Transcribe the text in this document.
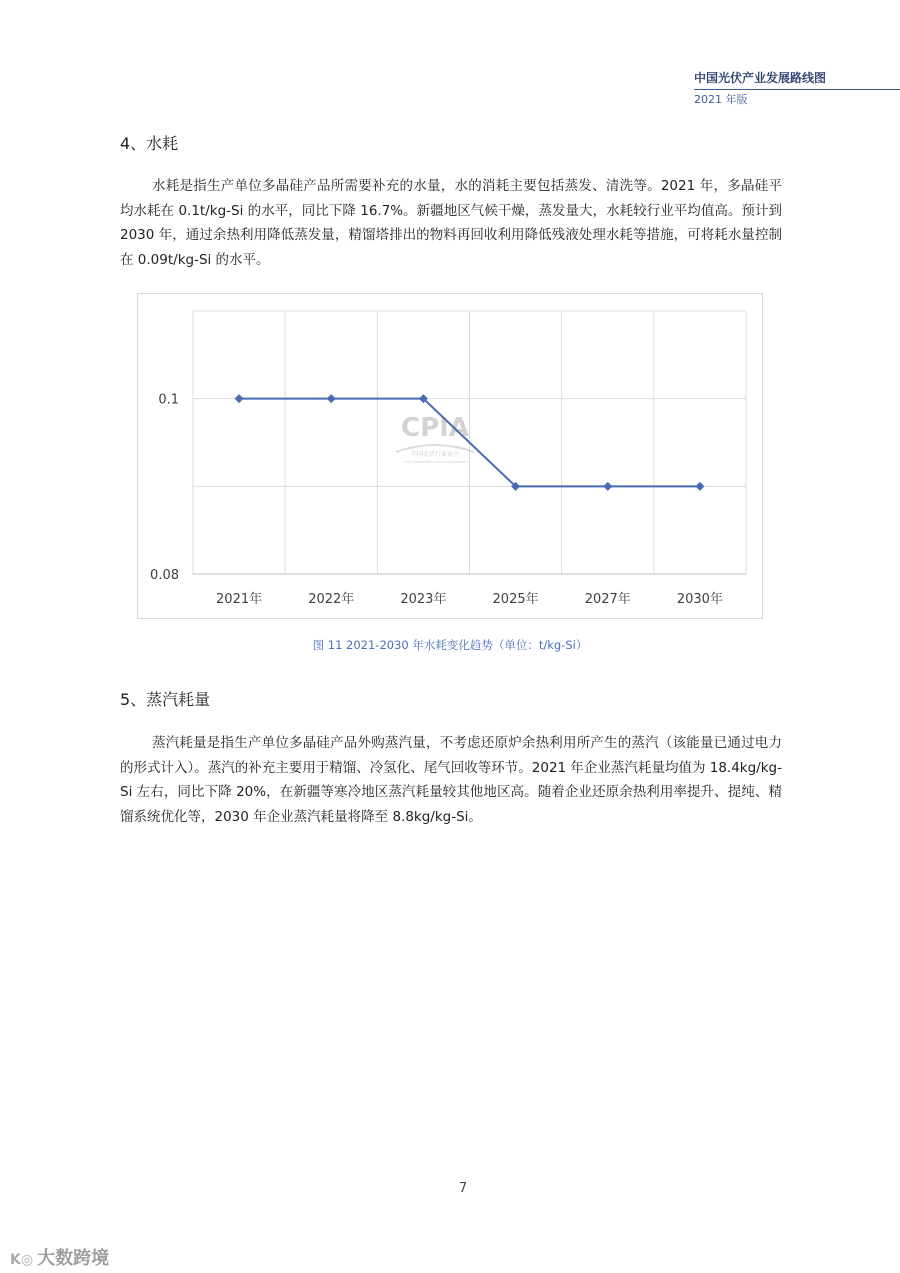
中国光伏产业发展路线图
2021 年版
4、水耗

水耗是指生产单位多晶硅产品所需要补充的水量，水的消耗主要包括蒸发、清洗等。2021 年，多晶硅平均水耗在 0.1t/kg-Si 的水平，同比下降 16.7%。新疆地区气候干燥，蒸发量大，水耗较行业平均值高。预计到 2030 年，通过余热利用降低蒸发量，精馏塔排出的物料再回收利用降低残液处理水耗等措施，可将耗水量控制在 0.09t/kg-Si 的水平。

CPIA
中国光伏行业协会
China Photovoltaic Industry Association
0.08
0.1
2021年	2022年	2023年	2025年	2027年	2030年
图 11 2021-2030 年水耗变化趋势（单位：t/kg-Si）
5、蒸汽耗量

蒸汽耗量是指生产单位多晶硅产品外购蒸汽量，不考虑还原炉余热利用所产生的蒸汽（该能量已通过电力的形式计入）。蒸汽的补充主要用于精馏、冷氢化、尾气回收等环节。2021 年企业蒸汽耗量均值为 18.4kg/kg-Si 左右，同比下降 20%，在新疆等寒冷地区蒸汽耗量较其他地区高。随着企业还原余热利用率提升、提纯、精馏系统优化等，2030 年企业蒸汽耗量将降至 8.8kg/kg-Si。

7
K◎ 大数跨境
